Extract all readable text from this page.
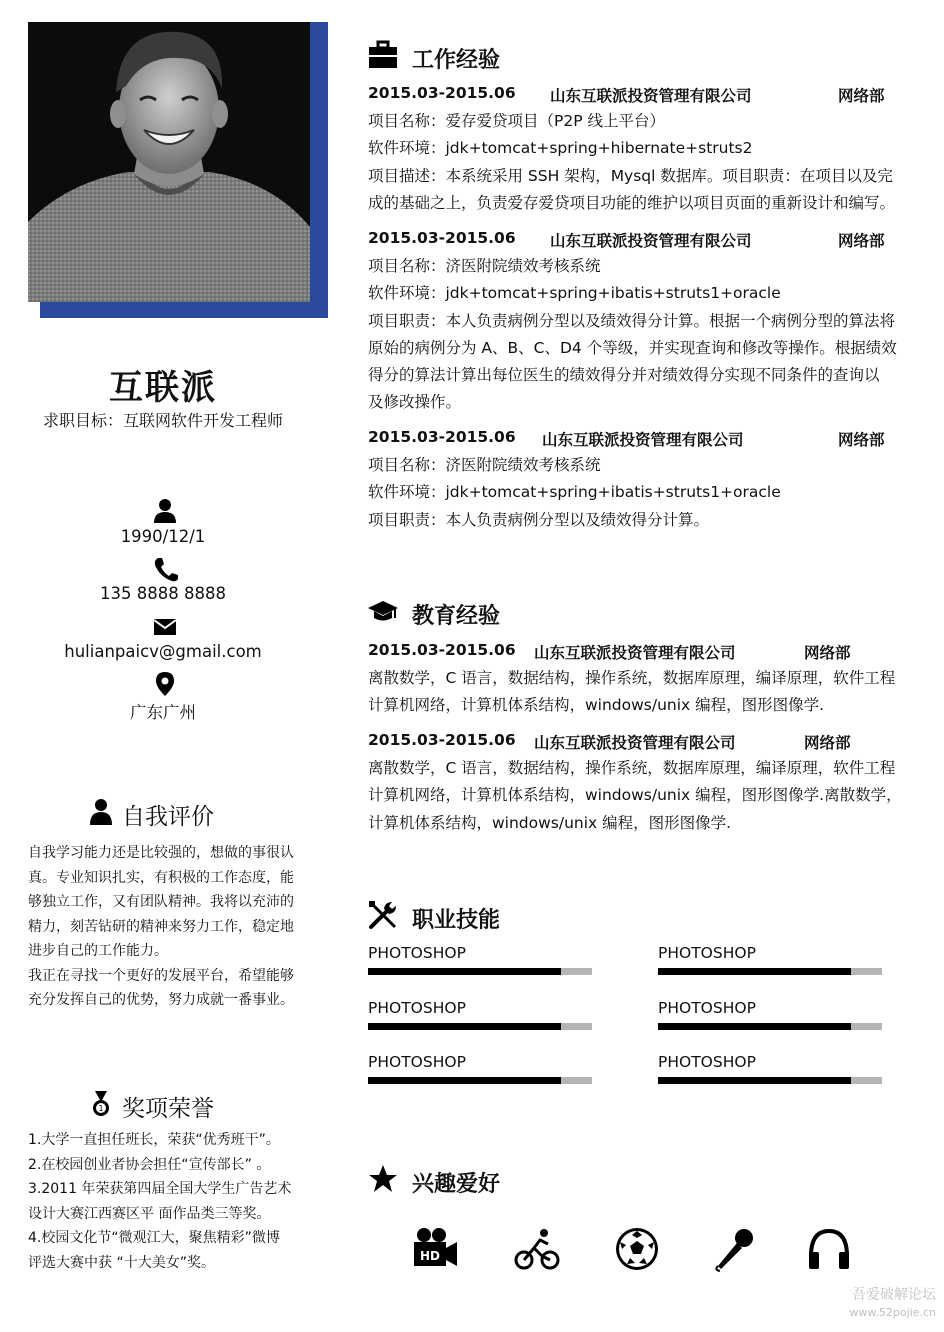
互联派
求职目标：互联网软件开发工程师
1990/12/1
135 8888 8888
hulianpaicv@gmail.com
广东广州
自我评价

自我学习能力还是比较强的，想做的事很认

真。专业知识扎实，有积极的工作态度，能

够独立工作，又有团队精神。我将以充沛的

精力，刻苦钻研的精神来努力工作，稳定地

进步自己的工作能力。

我正在寻找一个更好的发展平台，希望能够

充分发挥自己的优势，努力成就一番事业。

1 奖项荣誉

1.大学一直担任班长，荣获“优秀班干”。

2.在校园创业者协会担任“宣传部长” 。

3.2011 年荣获第四届全国大学生广告艺术

设计大赛江西赛区平 面作品类三等奖。

4.校园文化节“微观江大，聚焦精彩”微博

评选大赛中获 “十大美女”奖。

工作经验
2015.03-2015.06 山东互联派投资管理有限公司	网络部

项目名称：爱存爱贷项目（P2P 线上平台）

软件环境：jdk+tomcat+spring+hibernate+struts2

项目描述：本系统采用 SSH 架构，Mysql 数据库。项目职责：在项目以及完

成的基础之上，负责爱存爱贷项目功能的维护以项目页面的重新设计和编写。

2015.03-2015.06 山东互联派投资管理有限公司	网络部

项目名称：济医附院绩效考核系统

软件环境：jdk+tomcat+spring+ibatis+struts1+oracle

项目职责：本人负责病例分型以及绩效得分计算。根据一个病例分型的算法将

原始的病例分为 A、B、C、D4 个等级，并实现查询和修改等操作。根据绩效

得分的算法计算出每位医生的绩效得分并对绩效得分实现不同条件的查询以

及修改操作。

2015.03-2015.06 山东互联派投资管理有限公司	网络部

项目名称：济医附院绩效考核系统

软件环境：jdk+tomcat+spring+ibatis+struts1+oracle

项目职责：本人负责病例分型以及绩效得分计算。

教育经验
2015.03-2015.06 山东互联派投资管理有限公司	网络部

离散数学，C 语言，数据结构，操作系统，数据库原理，编译原理，软件工程

计算机网络，计算机体系结构，windows/unix 编程，图形图像学.

2015.03-2015.06 山东互联派投资管理有限公司	网络部

离散数学，C 语言，数据结构，操作系统，数据库原理，编译原理，软件工程

计算机网络，计算机体系结构，windows/unix 编程，图形图像学.离散数学，

计算机体系结构，windows/unix 编程，图形图像学.

职业技能
PHOTOSHOP	PHOTOSHOP
PHOTOSHOP	PHOTOSHOP
PHOTOSHOP	PHOTOSHOP
兴趣爱好
HD
吾爱破解论坛
www.52pojie.cn
